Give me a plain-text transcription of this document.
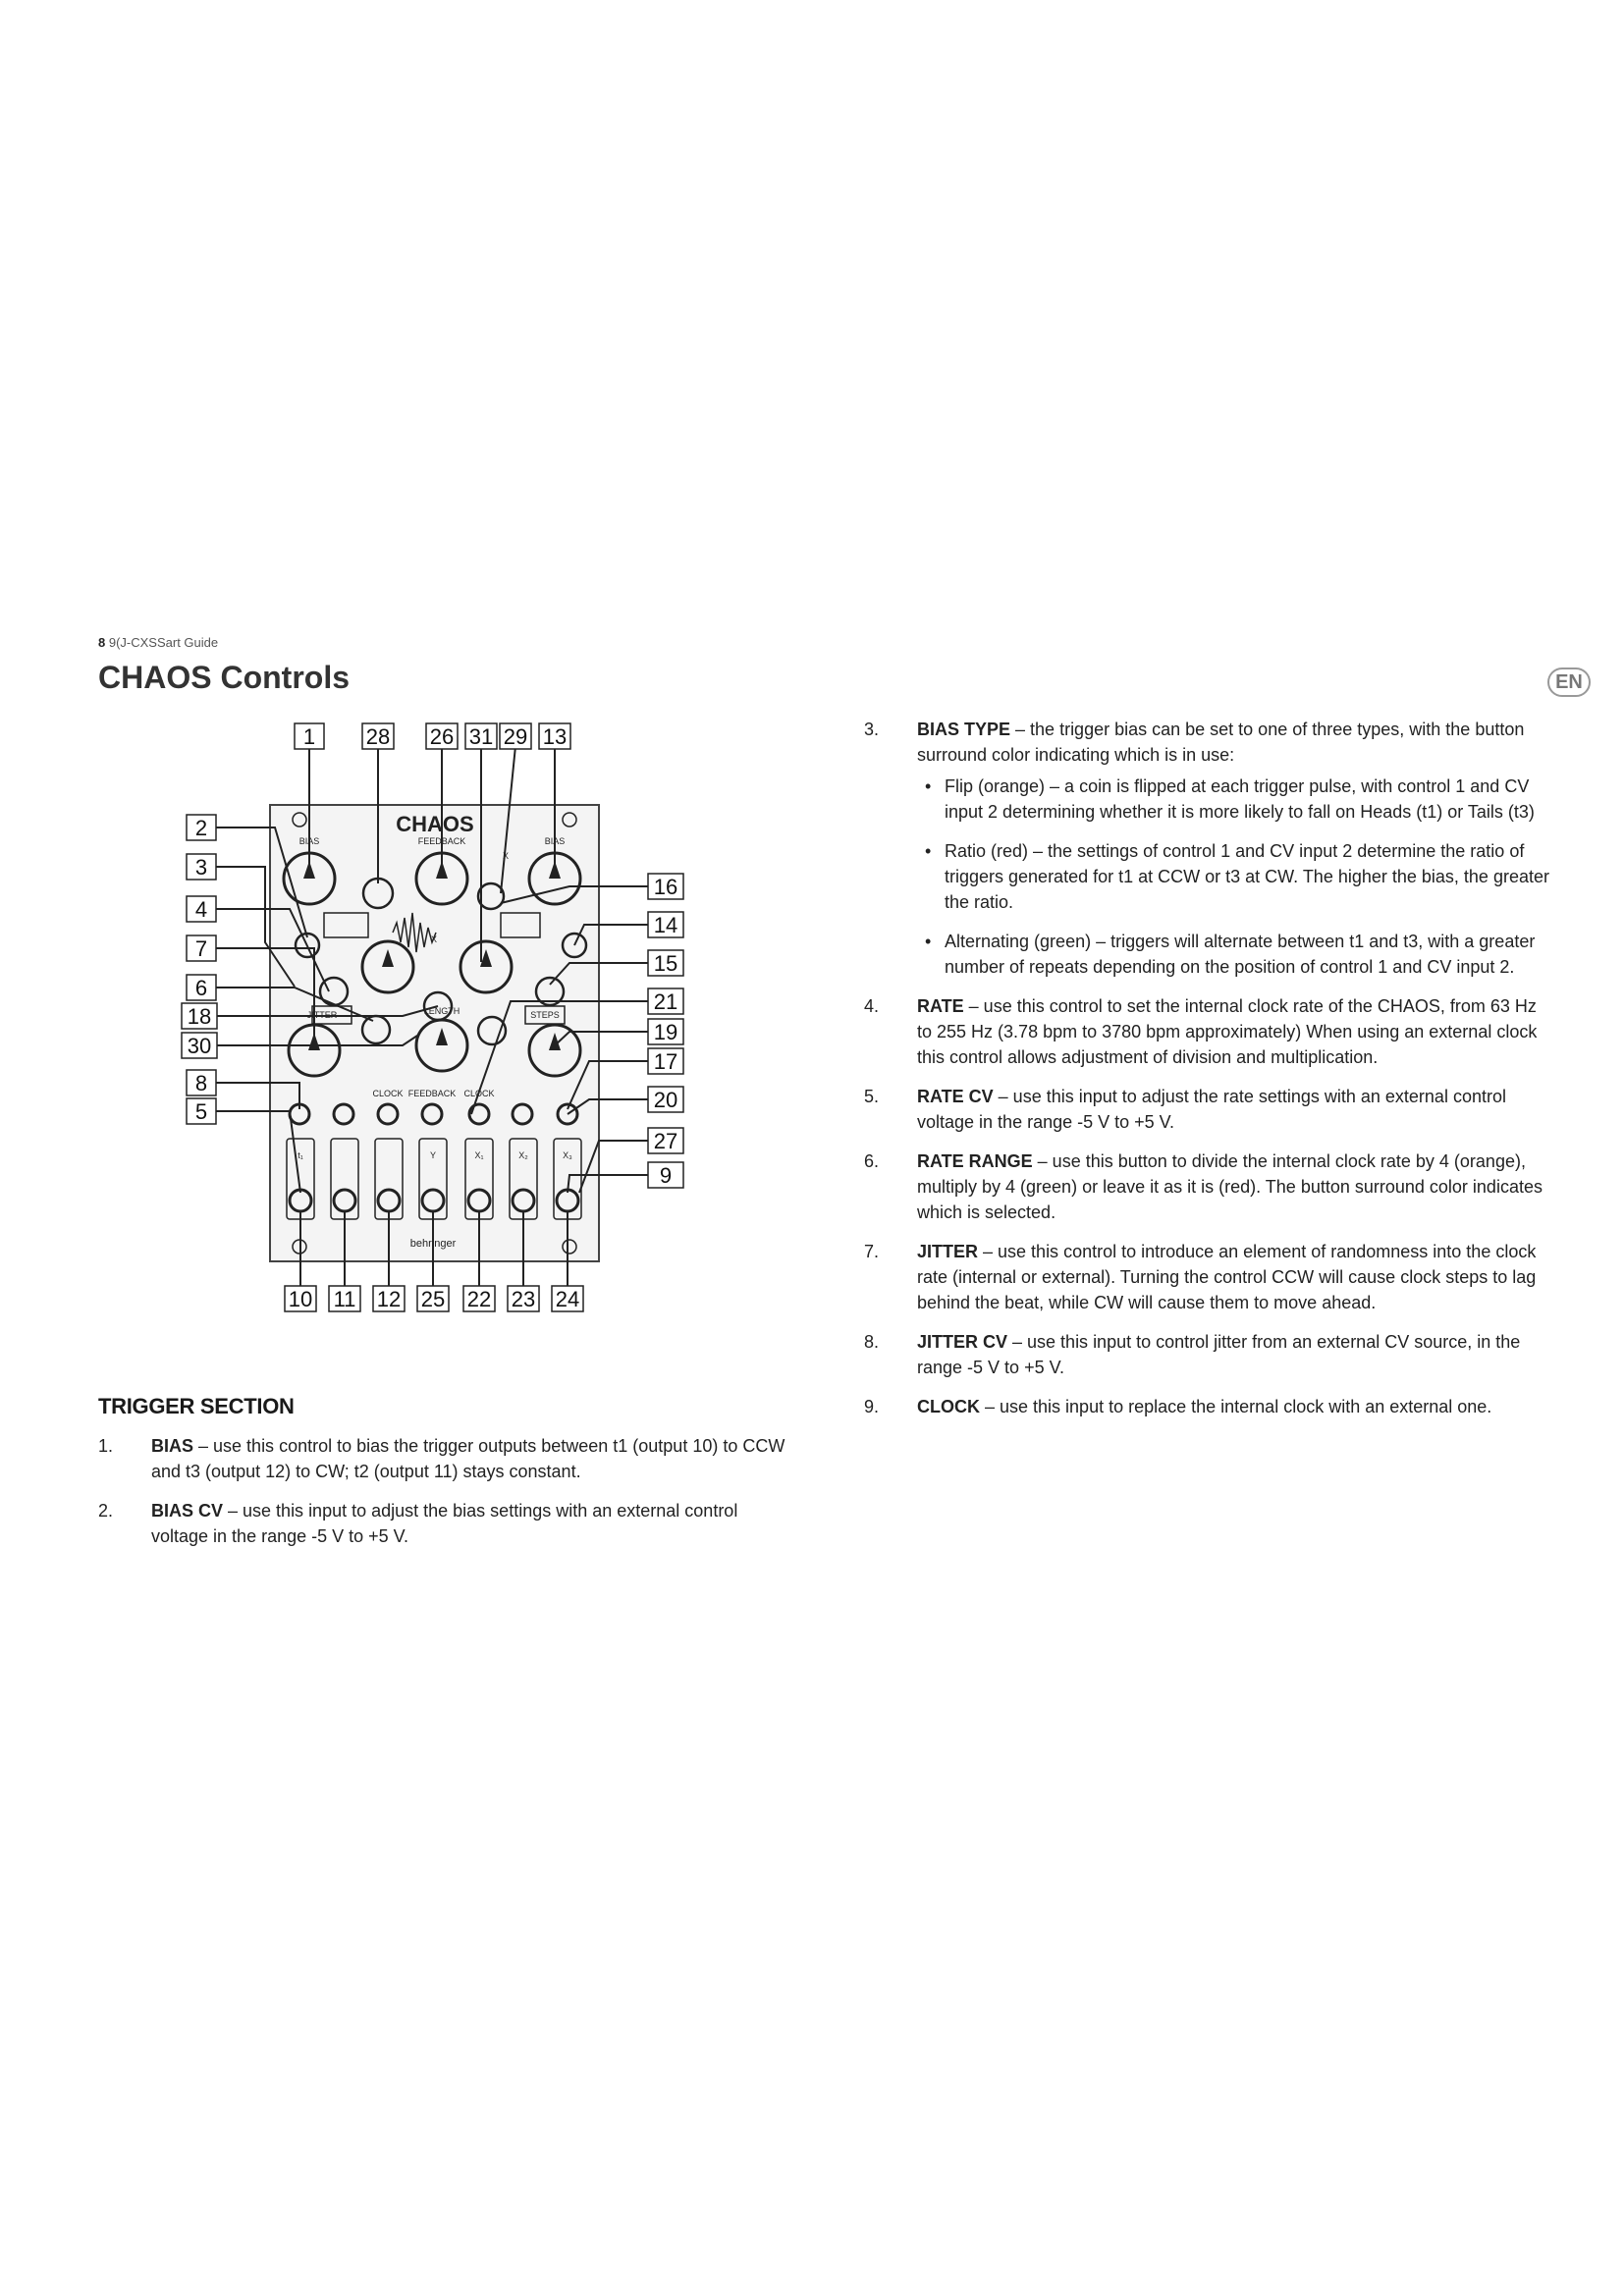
8 9(J-CXSSart Guide
CHAOS Controls	EN
CHAOS
BIAS	FEEDBACK
X
BIAS
X
JITTER	LENGTH	STEPS
CLOCK FEEDBACK CLOCK
t₁	Y	X₁	X₂	X₃
behringer
1 28 26 31 29 13
2
3
4
7
6
18
30
8
5
16
14
15
21
19
17
20
27
9
10 11 12 25 22 23 24
TRIGGER SECTION
1. BIAS – use this control to bias the trigger outputs between t1 (output 10) to CCW and t3 (output 12) to CW; t2 (output 11) stays constant.
2. BIAS CV – use this input to adjust the bias settings with an external control voltage in the range -5 V to +5 V.
3. BIAS TYPE – the trigger bias can be set to one of three types, with the button surround color indicating which is in use:
• Flip (orange) – a coin is flipped at each trigger pulse, with control 1 and CV input 2 determining whether it is more likely to fall on Heads (t1) or Tails (t3)
• Ratio (red) – the settings of control 1 and CV input 2 determine the ratio of triggers generated for t1 at CCW or t3 at CW. The higher the bias, the greater the ratio.
• Alternating (green) – triggers will alternate between t1 and t3, with a greater number of repeats depending on the position of control 1 and CV input 2.
4. RATE – use this control to set the internal clock rate of the CHAOS, from 63 Hz to 255 Hz (3.78 bpm to 3780 bpm approximately) When using an external clock this control allows adjustment of division and multiplication.
5. RATE CV – use this input to adjust the rate settings with an external control voltage in the range -5 V to +5 V.
6. RATE RANGE – use this button to divide the internal clock rate by 4 (orange), multiply by 4 (green) or leave it as it is (red). The button surround color indicates which is selected.
7. JITTER – use this control to introduce an element of randomness into the clock rate (internal or external). Turning the control CCW will cause clock steps to lag behind the beat, while CW will cause them to move ahead.
8. JITTER CV – use this input to control jitter from an external CV source, in the range -5 V to +5 V.
9. CLOCK – use this input to replace the internal clock with an external one.
